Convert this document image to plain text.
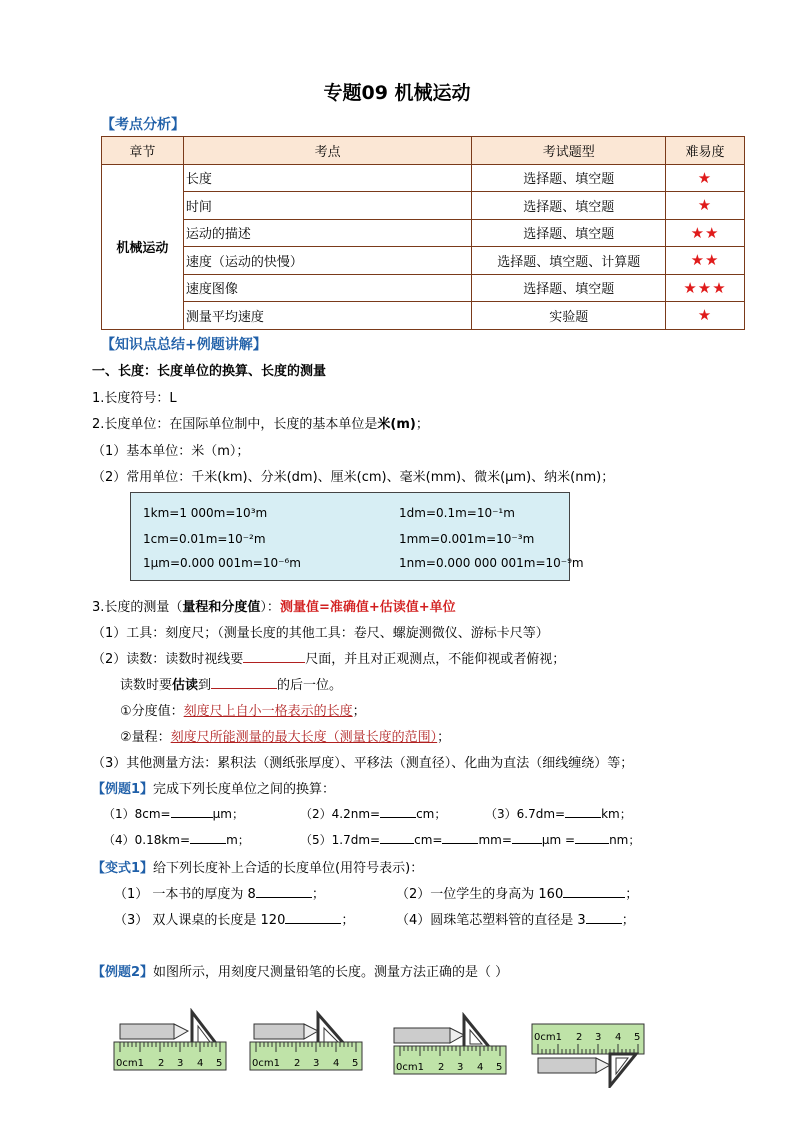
专题09 机械运动
【考点分析】
章节	考点	考试题型	难易度
机械运动	长度	选择题、填空题	★
	时间	选择题、填空题	★
	运动的描述	选择题、填空题	★★
	速度（运动的快慢）	选择题、填空题、计算题	★★
	速度图像	选择题、填空题	★★★
	测量平均速度	实验题	★
【知识点总结+例题讲解】
一、长度：长度单位的换算、长度的测量
1.长度符号：L
2.长度单位：在国际单位制中，长度的基本单位是米(m)；
（1）基本单位：米（m）；
（2）常用单位：千米(km)、分米(dm)、厘米(cm)、毫米(mm)、微米(μm)、纳米(nm)；
1km=1 000m=10³m	1dm=0.1m=10⁻¹m
1cm=0.01m=10⁻²m	1mm=0.001m=10⁻³m
1μm=0.000 001m=10⁻⁶m	1nm=0.000 000 001m=10⁻⁹m
3.长度的测量（量程和分度值）：测量值=准确值+估读值+单位
（1）工具：刻度尺；（测量长度的其他工具：卷尺、螺旋测微仪、游标卡尺等）
（2）读数：读数时视线要	尺面，并且对正观测点，不能仰视或者俯视；
读数时要估读到	的后一位。
①分度值：刻度尺上自小一格表示的长度；
②量程：刻度尺所能测量的最大长度（测量长度的范围）；
（3）其他测量方法：累积法（测纸张厚度）、平移法（测直径）、化曲为直法（细线缠绕）等；
【例题1】完成下列长度单位之间的换算：
（1）8cm=	μm；	（2）4.2nm=	cm；	（3）6.7dm=	km；
（4）0.18km=	m；	（5）1.7dm=	cm=	mm=	μm =	nm；
【变式1】给下列长度补上合适的长度单位(用符号表示)：
（1） 一本书的厚度为 8	；	（2）一位学生的身高为 160	；
（3） 双人课桌的长度是 120	；	（4）圆珠笔芯塑料管的直径是 3	；
【例题2】如图所示，用刻度尺测量铅笔的长度。测量方法正确的是（ ）
0cm1 2 3 4 5	0cm1 2 3 4 5	0cm1 2 3 4 5
0cm1 2 3 4 5
